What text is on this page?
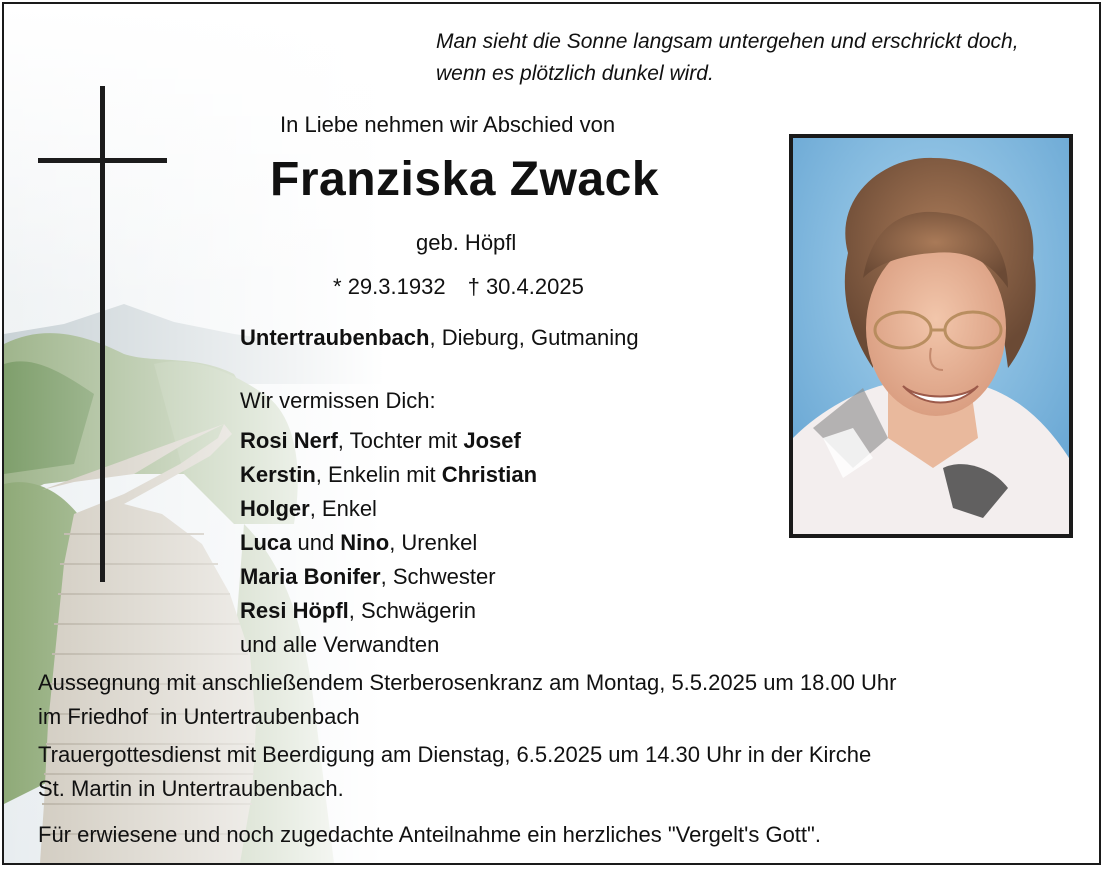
Man sieht die Sonne langsam untergehen und erschrickt doch,
wenn es plötzlich dunkel wird.
In Liebe nehmen wir Abschied von
Franziska Zwack
geb. Höpfl
* 29.3.1932 † 30.4.2025
Untertraubenbach, Dieburg, Gutmaning
Wir vermissen Dich:
Rosi Nerf, Tochter mit Josef
Kerstin, Enkelin mit Christian
Holger, Enkel
Luca und Nino, Urenkel
Maria Bonifer, Schwester
Resi Höpfl, Schwägerin
und alle Verwandten
Aussegnung mit anschließendem Sterberosenkranz am Montag, 5.5.2025 um 18.00 Uhr
im Friedhof  in Untertraubenbach
Trauergottesdienst mit Beerdigung am Dienstag, 6.5.2025 um 14.30 Uhr in der Kirche
St. Martin in Untertraubenbach.
Für erwiesene und noch zugedachte Anteilnahme ein herzliches "Vergelt's Gott".
